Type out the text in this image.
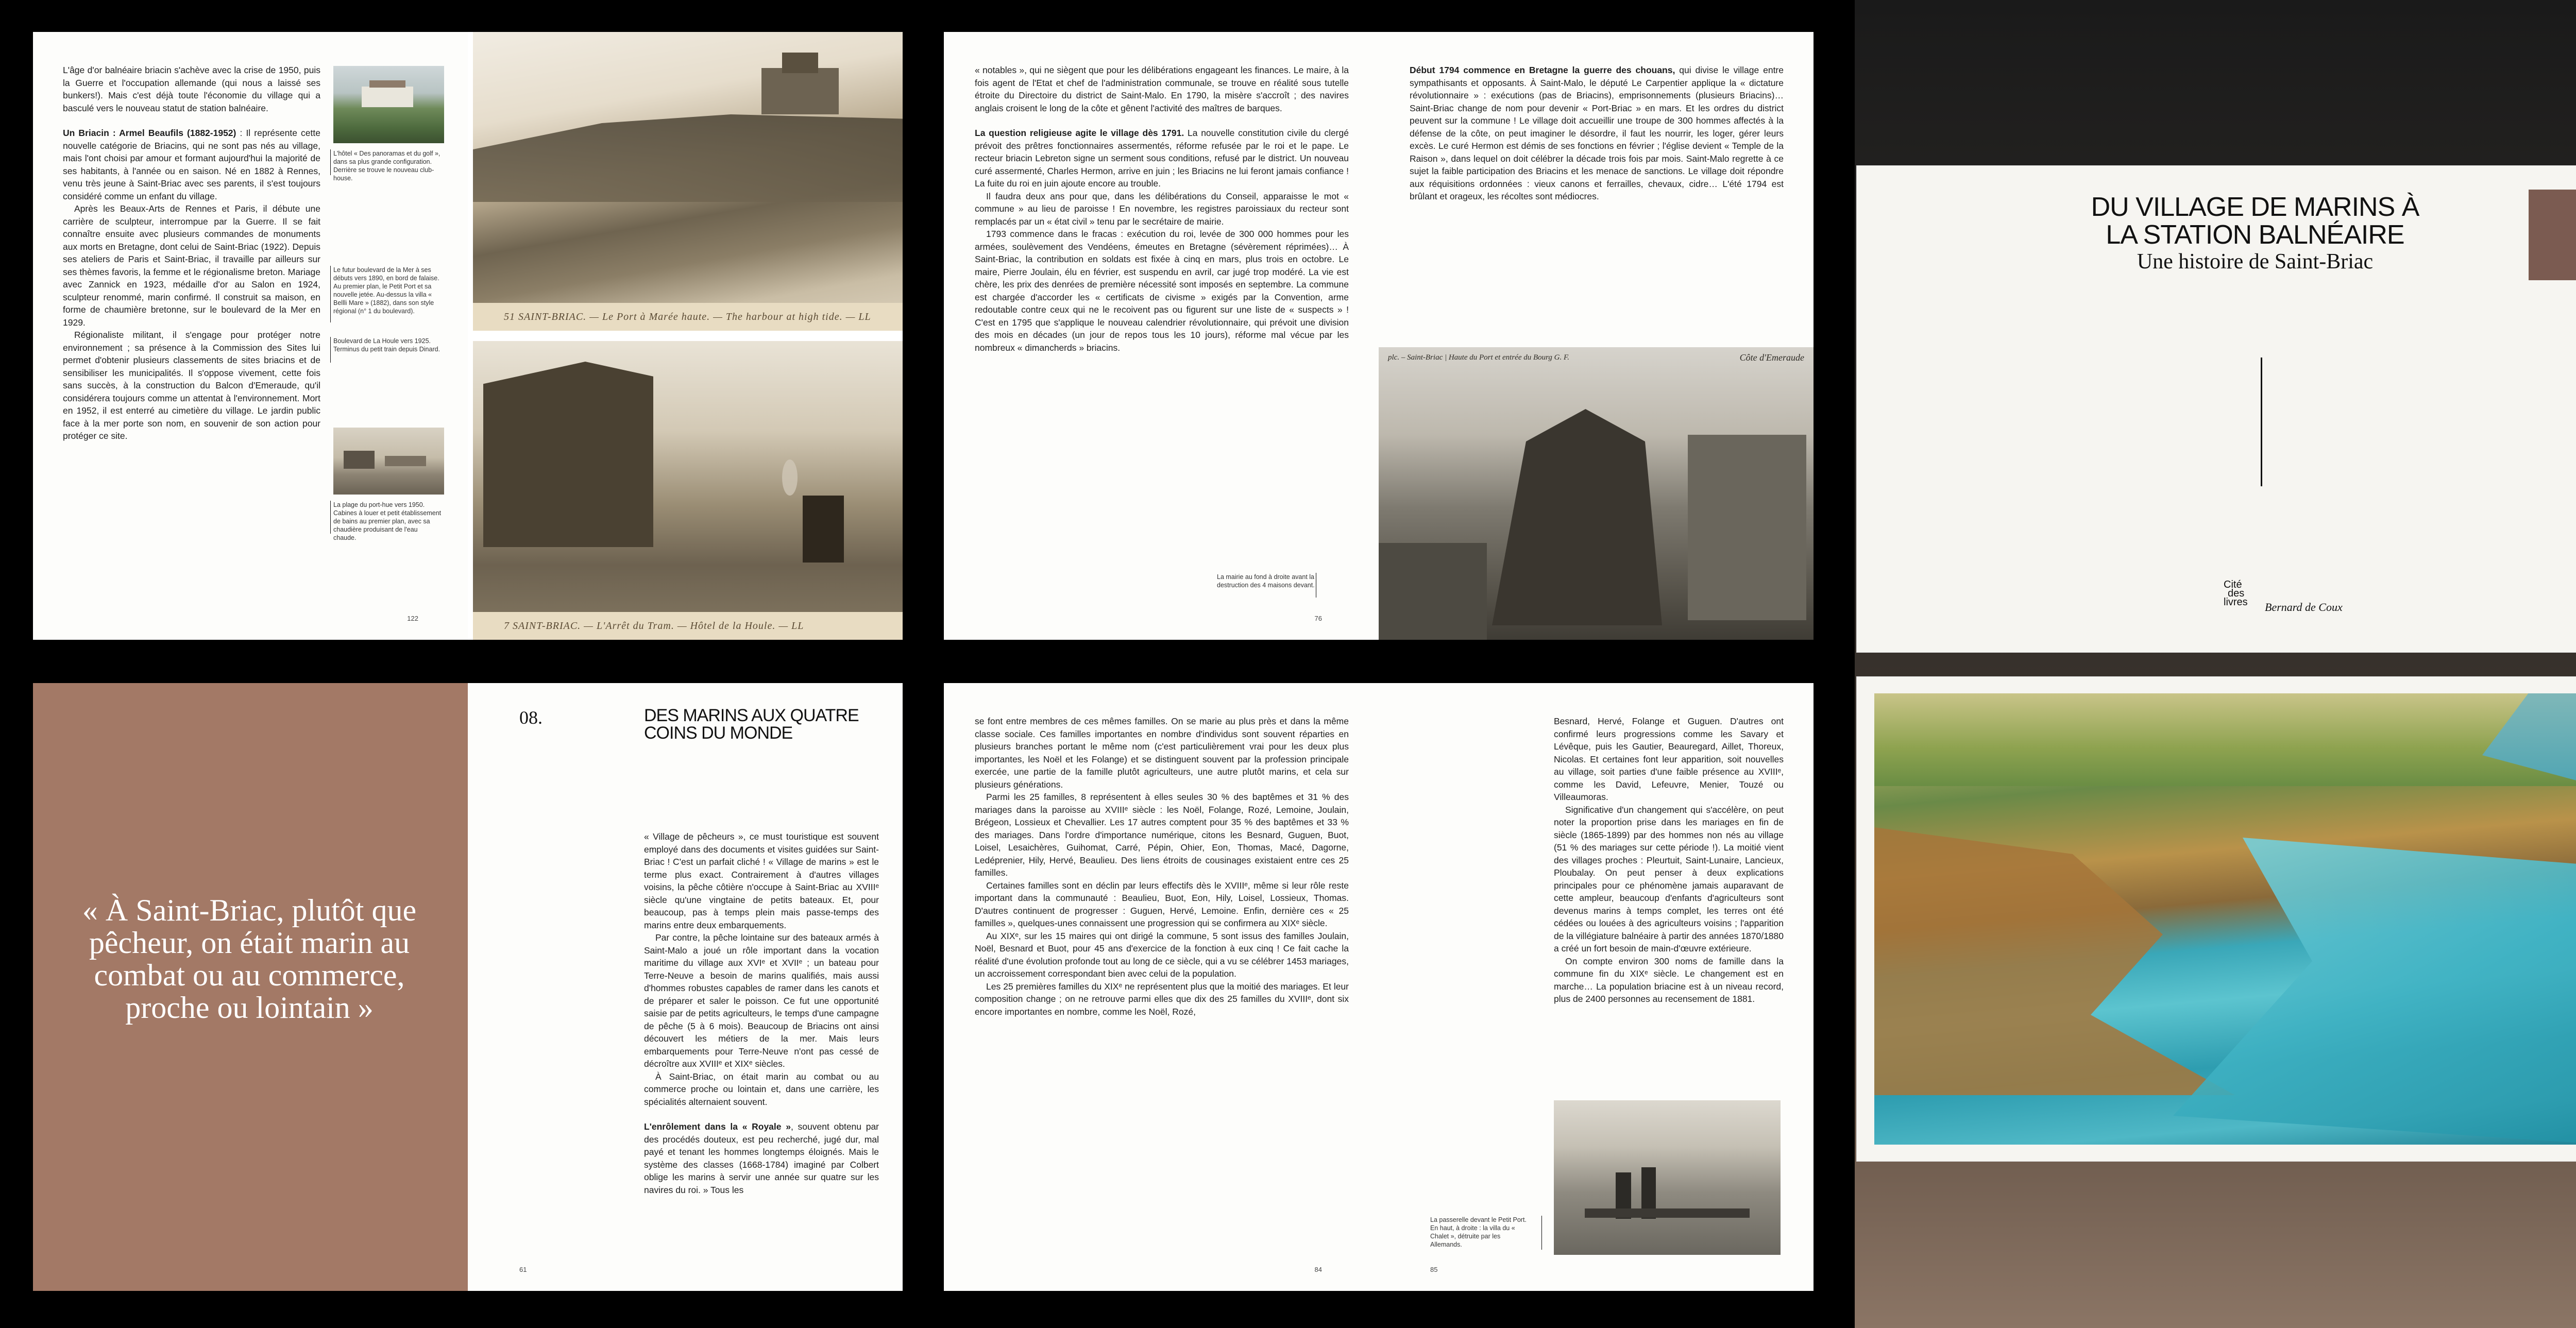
L'âge d'or balnéaire briacin s'achève avec la crise de 1950, puis la Guerre et l'occupation allemande (qui nous a laissé ses bunkers!). Mais c'est déjà toute l'économie du village qui a basculé vers le nouveau statut de station balnéaire.

Un Briacin : Armel Beaufils (1882-1952) : Il représente cette nouvelle catégorie de Briacins, qui ne sont pas nés au village, mais l'ont choisi par amour et formant aujourd'hui la majorité de ses habitants, à l'année ou en saison. Né en 1882 à Rennes, venu très jeune à Saint-Briac avec ses parents, il s'est toujours considéré comme un enfant du village.

Après les Beaux-Arts de Rennes et Paris, il débute une carrière de sculpteur, interrompue par la Guerre. Il se fait connaître ensuite avec plusieurs commandes de monuments aux morts en Bretagne, dont celui de Saint-Briac (1922). Depuis ses ateliers de Paris et Saint-Briac, il travaille par ailleurs sur ses thèmes favoris, la femme et le régionalisme breton. Mariage avec Zannick en 1923, médaille d'or au Salon en 1924, sculpteur renommé, marin confirmé. Il construit sa maison, en forme de chaumière bretonne, sur le boulevard de la Mer en 1929.

Régionaliste militant, il s'engage pour protéger notre environnement ; sa présence à la Commission des Sites lui permet d'obtenir plusieurs classements de sites briacins et de sensibiliser les municipalités. Il s'oppose vivement, cette fois sans succès, à la construction du Balcon d'Emeraude, qu'il considérera toujours comme un attentat à l'environnement. Mort en 1952, il est enterré au cimetière du village. Le jardin public face à la mer porte son nom, en souvenir de son action pour protéger ce site.

L'hôtel « Des panoramas et du golf », dans sa plus grande configuration. Derrière se trouve le nouveau club-house.
Le futur boulevard de la Mer à ses débuts vers 1890, en bord de falaise. Au premier plan, le Petit Port et sa nouvelle jetée. Au-dessus la villa « Bellli Mare » (1882), dans son style régional (n° 1 du boulevard).
Boulevard de La Houle vers 1925. Terminus du petit train depuis Dinard.
La plage du port-hue vers 1950. Cabines à louer et petit établissement de bains au premier plan, avec sa chaudière produisant de l'eau chaude.
122
51 SAINT-BRIAC. — Le Port à Marée haute. — The harbour at high tide. — LL
7 SAINT-BRIAC. — L'Arrêt du Tram. — Hôtel de la Houle. — LL

« notables », qui ne siègent que pour les délibérations engageant les finances. Le maire, à la fois agent de l'Etat et chef de l'administration communale, se trouve en réalité sous tutelle étroite du Directoire du district de Saint-Malo. En 1790, la misère s'accroît ; des navires anglais croisent le long de la côte et gênent l'activité des maîtres de barques.

La question religieuse agite le village dès 1791. La nouvelle constitution civile du clergé prévoit des prêtres fonctionnaires assermentés, réforme refusée par le roi et le pape. Le recteur briacin Lebreton signe un serment sous conditions, refusé par le district. Un nouveau curé assermenté, Charles Hermon, arrive en juin ; les Briacins ne lui feront jamais confiance ! La fuite du roi en juin ajoute encore au trouble.

Il faudra deux ans pour que, dans les délibérations du Conseil, apparaisse le mot « commune » au lieu de paroisse ! En novembre, les registres paroissiaux du recteur sont remplacés par un « état civil » tenu par le secrétaire de mairie.

1793 commence dans le fracas : exécution du roi, levée de 300 000 hommes pour les armées, soulèvement des Vendéens, émeutes en Bretagne (sévèrement réprimées)… À Saint-Briac, la contribution en soldats est fixée à cinq en mars, plus trois en octobre. Le maire, Pierre Joulain, élu en février, est suspendu en avril, car jugé trop modéré. La vie est chère, les prix des denrées de première nécessité sont imposés en septembre. La commune est chargée d'accorder les « certificats de civisme » exigés par la Convention, arme redoutable contre ceux qui ne le recoivent pas ou figurent sur une liste de « suspects » ! C'est en 1795 que s'applique le nouveau calendrier révolutionnaire, qui prévoit une division des mois en décades (un jour de repos tous les 10 jours), réforme mal vécue par les nombreux « dimancherds » briacins.

La mairie au fond à droite avant la destruction des 4 maisons devant.
76

Début 1794 commence en Bretagne la guerre des chouans, qui divise le village entre sympathisants et opposants. À Saint-Malo, le député Le Carpentier applique la « dictature révolutionnaire » : exécutions (pas de Briacins), emprisonnements (plusieurs Briacins)… Saint-Briac change de nom pour devenir « Port-Briac » en mars. Et les ordres du district peuvent sur la commune ! Le village doit accueillir une troupe de 300 hommes affectés à la défense de la côte, on peut imaginer le désordre, il faut les nourrir, les loger, gérer leurs excès. Le curé Hermon est démis de ses fonctions en février ; l'église devient « Temple de la Raison », dans lequel on doit célébrer la décade trois fois par mois. Saint-Malo regrette à ce sujet la faible participation des Briacins et les menace de sanctions. Le village doit répondre aux réquisitions ordonnées : vieux canons et ferrailles, chevaux, cidre… L'été 1794 est brûlant et orageux, les récoltes sont médiocres.

plc. – Saint-Briac | Haute du Port et entrée du Bourg G. F.	Côte d'Emeraude
DU VILLAGE DE MARINS À
LA STATION BALNÉAIRE
Une histoire de Saint-Briac
Cité
des
livres Bernard de Coux
« À Saint-Briac, plutôt que pêcheur, on était marin au combat ou au commerce, proche ou lointain »
08.	DES MARINS AUX QUATRE
COINS DU MONDE

« Village de pêcheurs », ce must touristique est souvent employé dans des documents et visites guidées sur Saint-Briac ! C'est un parfait cliché ! « Village de marins » est le terme plus exact. Contrairement à d'autres villages voisins, la pêche côtière n'occupe à Saint-Briac au XVIIIᵉ siècle qu'une vingtaine de petits bateaux. Et, pour beaucoup, pas à temps plein mais passe-temps des marins entre deux embarquements.

Par contre, la pêche lointaine sur des bateaux armés à Saint-Malo a joué un rôle important dans la vocation maritime du village aux XVIᵉ et XVIIᵉ ; un bateau pour Terre-Neuve a besoin de marins qualifiés, mais aussi d'hommes robustes capables de ramer dans les canots et de préparer et saler le poisson. Ce fut une opportunité saisie par de petits agriculteurs, le temps d'une campagne de pêche (5 à 6 mois). Beaucoup de Briacins ont ainsi découvert les métiers de la mer. Mais leurs embarquements pour Terre-Neuve n'ont pas cessé de décroître aux XVIIIᵉ et XIXᵉ siècles.

À Saint-Briac, on était marin au combat ou au commerce proche ou lointain et, dans une carrière, les spécialités alternaient souvent.

L'enrôlement dans la « Royale », souvent obtenu par des procédés douteux, est peu recherché, jugé dur, mal payé et tenant les hommes longtemps éloignés. Mais le système des classes (1668-1784) imaginé par Colbert oblige les marins à servir une année sur quatre sur les navires du roi. » Tous les

61

se font entre membres de ces mêmes familles. On se marie au plus près et dans la même classe sociale. Ces familles importantes en nombre d'individus sont souvent réparties en plusieurs branches portant le même nom (c'est particulièrement vrai pour les deux plus importantes, les Noël et les Folange) et se distinguent souvent par la profession principale exercée, une partie de la famille plutôt agriculteurs, une autre plutôt marins, et cela sur plusieurs générations.

Parmi les 25 familles, 8 représentent à elles seules 30 % des baptêmes et 31 % des mariages dans la paroisse au XVIIIᵉ siècle : les Noël, Folange, Rozé, Lemoine, Joulain, Brégeon, Lossieux et Chevallier. Les 17 autres comptent pour 35 % des baptêmes et 33 % des mariages. Dans l'ordre d'importance numérique, citons les Besnard, Guguen, Buot, Loisel, Lesaichères, Guihomat, Carré, Pépin, Ohier, Eon, Thomas, Macé, Dagorne, Ledéprenier, Hily, Hervé, Beaulieu. Des liens étroits de cousinages existaient entre ces 25 familles.

Certaines familles sont en déclin par leurs effectifs dès le XVIIIᵉ, même si leur rôle reste important dans la communauté : Beaulieu, Buot, Eon, Hily, Loisel, Lossieux, Thomas. D'autres continuent de progresser : Guguen, Hervé, Lemoine. Enfin, dernière ces « 25 familles », quelques-unes connaissent une progression qui se confirmera au XIXᵉ siècle.

Au XIXᵉ, sur les 15 maires qui ont dirigé la commune, 5 sont issus des familles Joulain, Noël, Besnard et Buot, pour 45 ans d'exercice de la fonction à eux cinq ! Ce fait cache la réalité d'une évolution profonde tout au long de ce siècle, qui a vu se célébrer 1453 mariages, un accroissement correspondant bien avec celui de la population.

Les 25 premières familles du XIXᵉ ne représentent plus que la moitié des mariages. Et leur composition change ; on ne retrouve parmi elles que dix des 25 familles du XVIIIᵉ, dont six encore importantes en nombre, comme les Noël, Rozé,

84

Besnard, Hervé, Folange et Guguen. D'autres ont confirmé leurs progressions comme les Savary et Lévêque, puis les Gautier, Beauregard, Aillet, Thoreux, Nicolas. Et certaines font leur apparition, soit nouvelles au village, soit parties d'une faible présence au XVIIIᵉ, comme les David, Lefeuvre, Menier, Touzé ou Villeaumoras.

Significative d'un changement qui s'accélère, on peut noter la proportion prise dans les mariages en fin de siècle (1865-1899) par des hommes non nés au village (51 % des mariages sur cette période !). La moitié vient des villages proches : Pleurtuit, Saint-Lunaire, Lancieux, Ploubalay. On peut penser à deux explications principales pour ce phénomène jamais auparavant de cette ampleur, beaucoup d'enfants d'agriculteurs sont devenus marins à temps complet, les terres ont été cédées ou louées à des agriculteurs voisins ; l'apparition de la villégiature balnéaire à partir des années 1870/1880 a créé un fort besoin de main-d'œuvre extérieure.

On compte environ 300 noms de famille dans la commune fin du XIXᵉ siècle. Le changement est en marche… La population briacine est à un niveau record, plus de 2400 personnes au recensement de 1881.

La passerelle devant le Petit Port. En haut, à droite : la villa du « Chalet », détruite par les Allemands.
85
